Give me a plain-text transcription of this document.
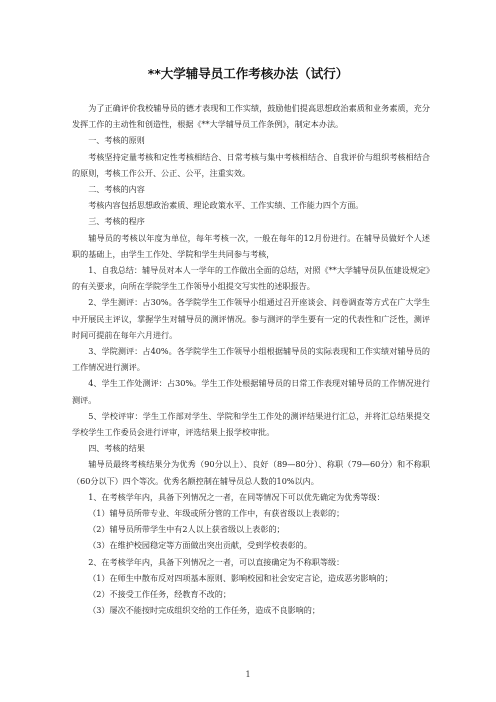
**大学辅导员工作考核办法（试行）

为了正确评价我校辅导员的德才表现和工作实绩，鼓励他们提高思想政治素质和业务素质，充分发挥工作的主动性和创造性，根据《**大学辅导员工作条例》，制定本办法。

一、考核的原则

考核坚持定量考核和定性考核相结合、日常考核与集中考核相结合、自我评价与组织考核相结合的原则，考核工作公开、公正、公平，注重实效。

二、考核的内容

考核内容包括思想政治素质、理论政策水平、工作实绩、工作能力四个方面。

三、考核的程序

辅导员的考核以年度为单位，每年考核一次，一般在每年的12月份进行。在辅导员做好个人述职的基础上，由学生工作处、学院和学生共同参与考核，

1、自我总结：辅导员对本人一学年的工作做出全面的总结，对照《**大学辅导员队伍建设规定》的有关要求，向所在学院学生工作领导小组提交写实性的述职报告。

2、学生测评：占30%。各学院学生工作领导小组通过召开座谈会、问卷调查等方式在广大学生中开展民主评议，掌握学生对辅导员的测评情况。参与测评的学生要有一定的代表性和广泛性，测评时间可提前在每年六月进行。

3、学院测评：占40%。各学院学生工作领导小组根据辅导员的实际表现和工作实绩对辅导员的工作情况进行测评。

4、学生工作处测评：占30%。学生工作处根据辅导员的日常工作表现对辅导员的工作情况进行测评。

5、学校评审：学生工作部对学生、学院和学生工作处的测评结果进行汇总，并将汇总结果提交学校学生工作委员会进行评审，评选结果上报学校审批。

四、考核的结果

辅导员最终考核结果分为优秀（90分以上）、良好（89—80分）、称职（79—60分）和不称职（60分以下）四个等次。优秀名额控制在辅导员总人数的10%以内。

1、在考核学年内，具备下列情况之一者，在同等情况下可以优先确定为优秀等级：

（1）辅导员所带专业、年级或所分管的工作中，有获省级以上表彰的；

（2）辅导员所带学生中有2人以上获省级以上表彰的；

（3）在维护校园稳定等方面做出突出贡献，受到学校表彰的。

2、在考核学年内，具备下列情况之一者，可以直接确定为不称职等级：

（1）在师生中散布反对四项基本原则、影响校园和社会安定言论，造成恶劣影响的；

（2）不接受工作任务，经教育不改的；

（3）屡次不能按时完成组织交给的工作任务，造成不良影响的；

1
